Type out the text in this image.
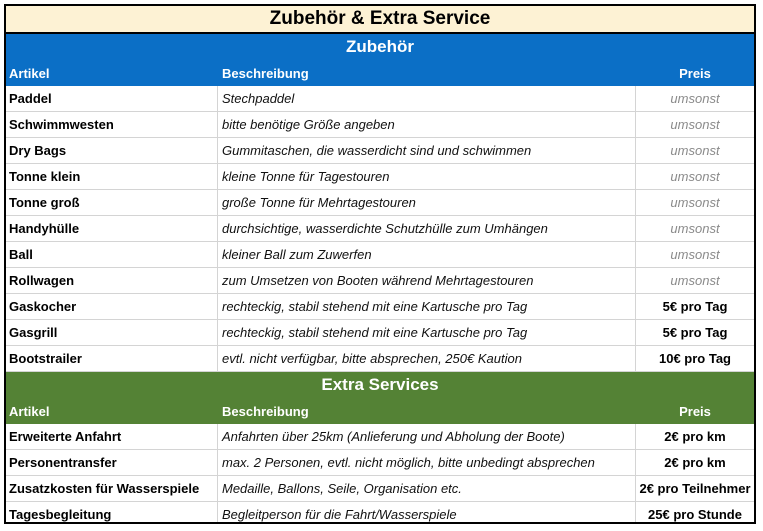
Zubehör & Extra Service
Zubehör
Artikel	Beschreibung	Preis
Paddel	Stechpaddel	umsonst
Schwimmwesten	bitte benötige Größe angeben	umsonst
Dry Bags	Gummitaschen, die wasserdicht sind und schwimmen	umsonst
Tonne klein	kleine Tonne für Tagestouren	umsonst
Tonne groß	große Tonne für Mehrtagestouren	umsonst
Handyhülle	durchsichtige, wasserdichte Schutzhülle zum Umhängen	umsonst
Ball	kleiner Ball zum Zuwerfen	umsonst
Rollwagen	zum Umsetzen von Booten während Mehrtagestouren	umsonst
Gaskocher	rechteckig, stabil stehend mit eine Kartusche pro Tag	5€ pro Tag
Gasgrill	rechteckig, stabil stehend mit eine Kartusche pro Tag	5€ pro Tag
Bootstrailer	evtl. nicht verfügbar, bitte absprechen, 250€ Kaution	10€ pro Tag
Extra Services
Artikel	Beschreibung	Preis
Erweiterte Anfahrt	Anfahrten über 25km (Anlieferung und Abholung der Boote)	2€ pro km
Personentransfer	max. 2 Personen, evtl. nicht möglich, bitte unbedingt absprechen	2€ pro km
Zusatzkosten für Wasserspiele	Medaille, Ballons, Seile, Organisation etc.	2€ pro Teilnehmer
Tagesbegleitung	Begleitperson für die Fahrt/Wasserspiele	25€ pro Stunde
